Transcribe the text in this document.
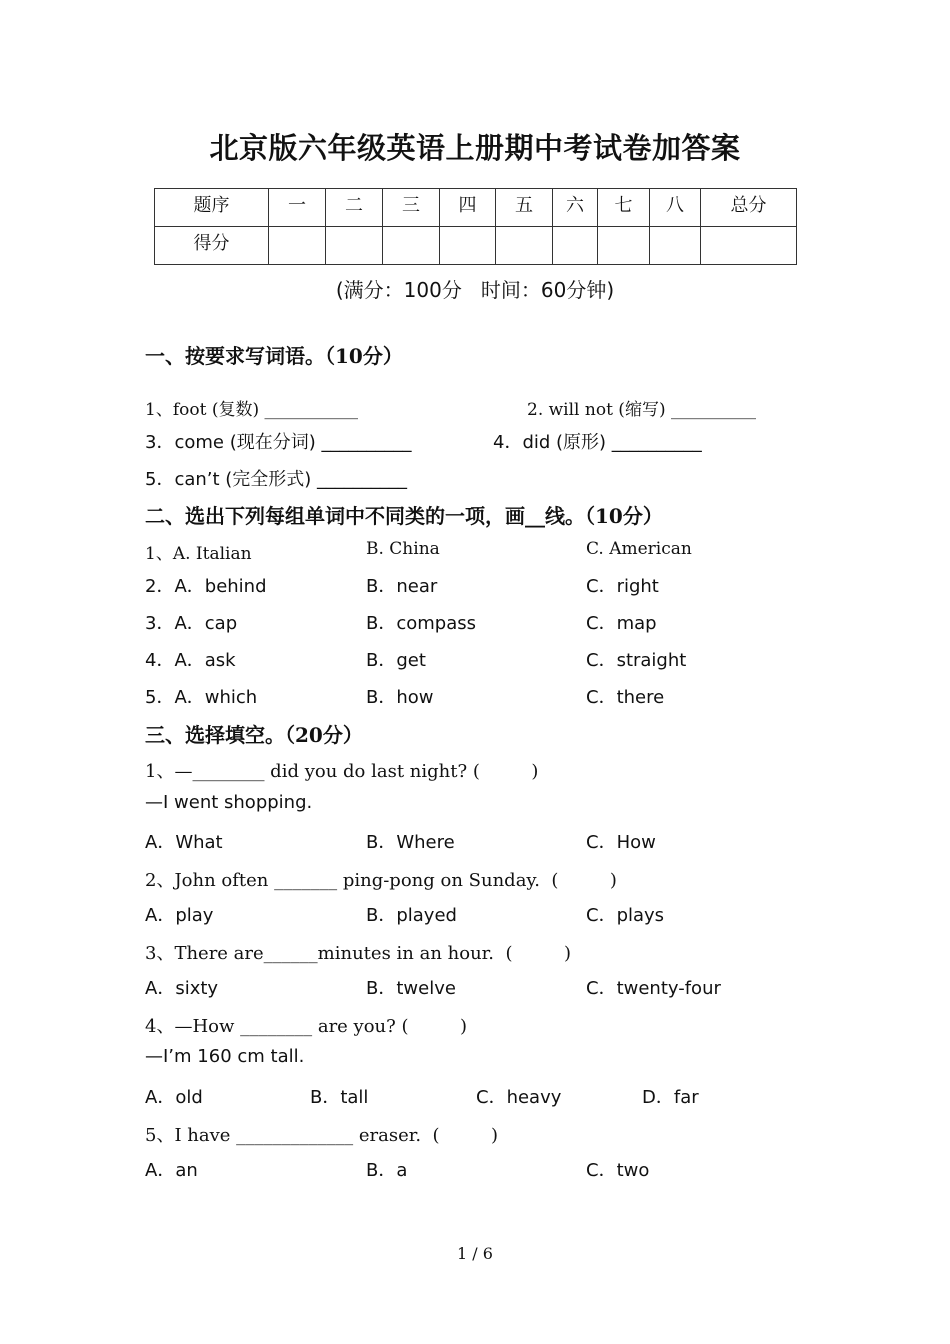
北京版六年级英语上册期中考试卷加答案
题序	一	二	三	四	五	六	七	八	总分
得分									
(满分：100分   时间：60分钟)
一、按要求写词语。（10分）
1、foot (复数) ___________	2. will not (缩写) __________
3．come (现在分词) __________	4．did (原形) __________
5．can’t (完全形式) __________
二、选出下列每组单词中不同类的一项，画__线。（10分）
1、A. Italian	B. China	C. American
2．A．behind	B．near	C．right
3．A．cap	B．compass	C．map
4．A．ask	B．get	C．straight
5．A．which	B．how	C．there
三、选择填空。（20分）
1、—________ did you do last night? (         )
—I went shopping.
A．What	B．Where	C．How
2、John often _______ ping-pong on Sunday.  (         )
A．play	B．played	C．plays
3、There are______minutes in an hour.  (         )
A．sixty	B．twelve	C．twenty-four
4、—How ________ are you? (         )
—I’m 160 cm tall.
A．old	B．tall	C．heavy	D．far
5、I have _____________ eraser.  (         )
A．an	B．a	C．two
1 / 6
